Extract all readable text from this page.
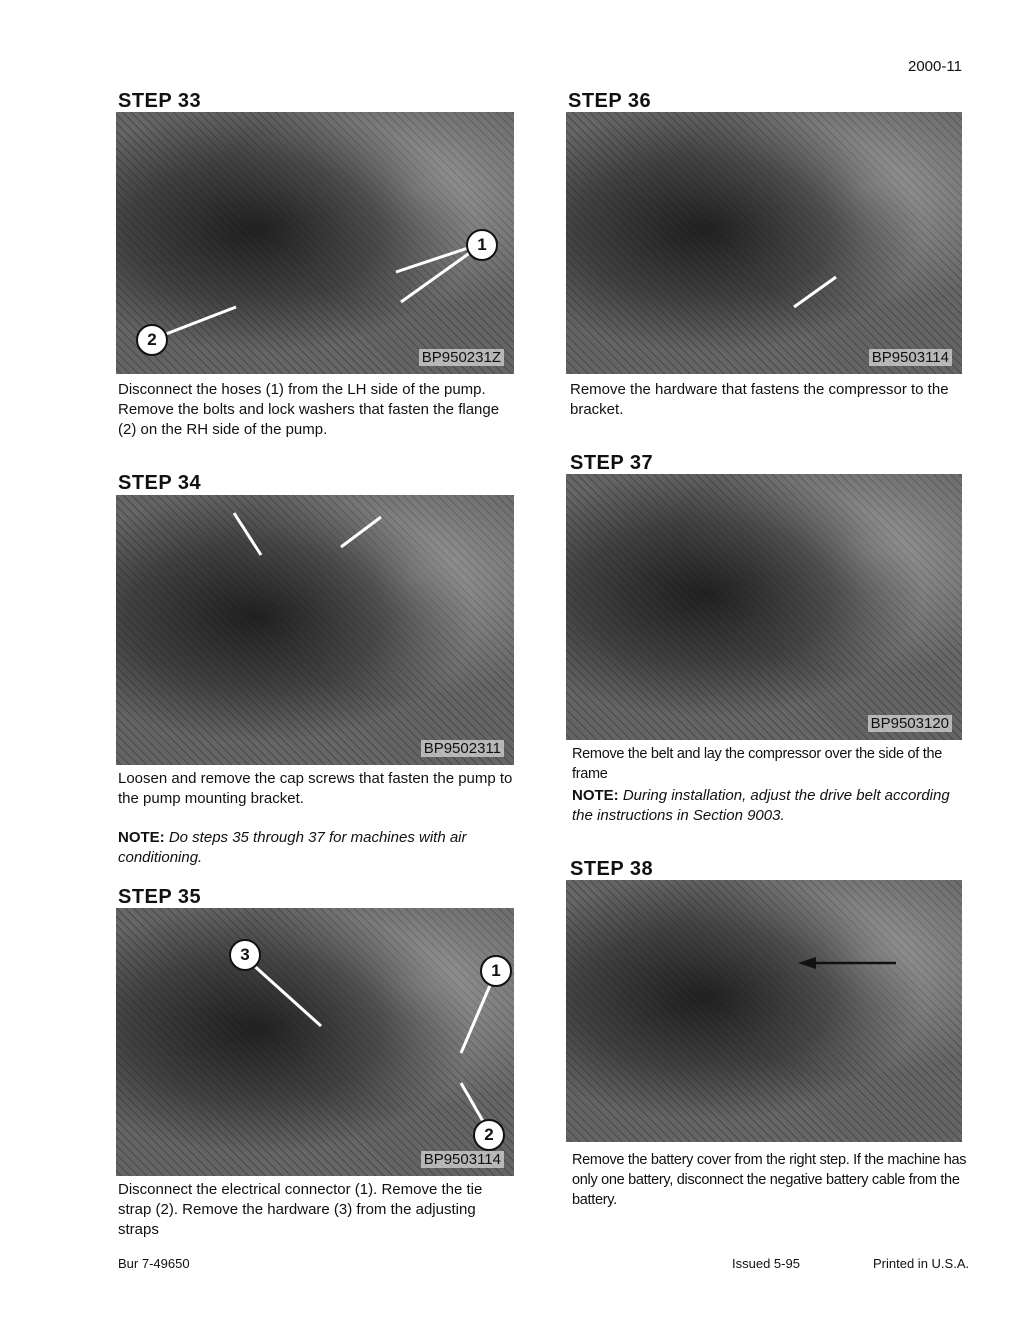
2000-11
STEP 33
1
2
BP950231Z
Disconnect the hoses (1) from the LH side of the pump. Remove the bolts and lock washers that fasten the flange (2) on the RH side of the pump.
STEP 34
BP9502311
Loosen and remove the cap screws that fasten the pump to the pump mounting bracket.
NOTE: Do steps 35 through 37 for machines with air conditioning.
STEP 35
3
1
2
BP9503114
Disconnect the electrical connector (1). Remove the tie strap (2). Remove the hardware (3) from the adjusting straps
STEP 36
BP9503114
Remove the hardware that fastens the compressor to the bracket.
STEP 37
BP9503120
Remove the belt and lay the compressor over the side of the frame
NOTE: During installation, adjust the drive belt according the instructions in Section 9003.
STEP 38
Remove the battery cover from the right step. If the machine has only one battery, disconnect the negative battery cable from the battery.
Bur 7-49650	Issued 5-95	Printed in U.S.A.
